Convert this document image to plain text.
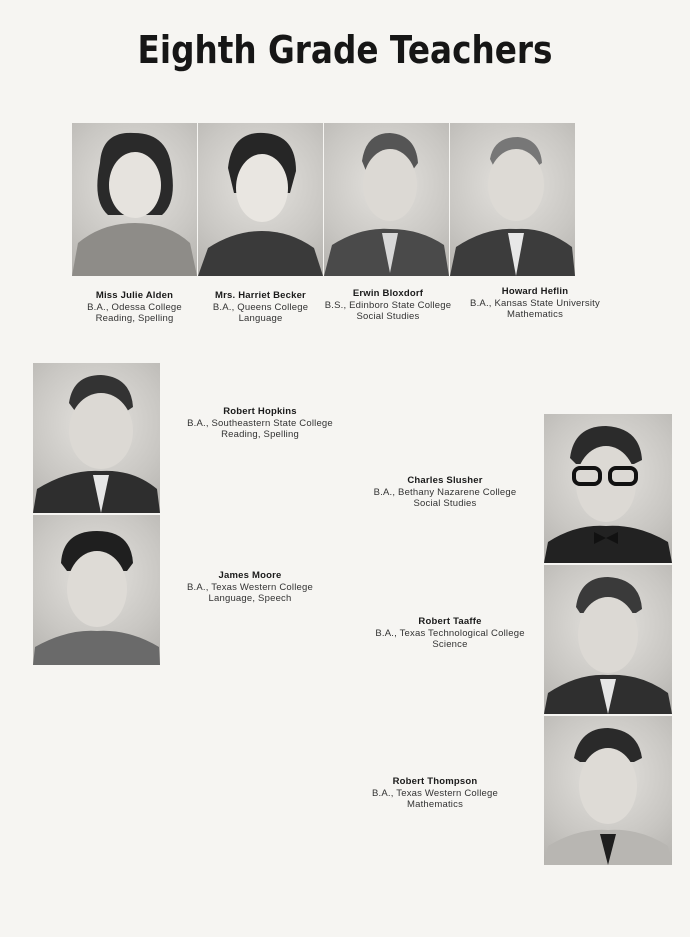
Eighth Grade Teachers
Miss Julie Alden
B.A., Odessa College
Reading, Spelling
Mrs. Harriet Becker
B.A., Queens College
Language
Erwin Bloxdorf
B.S., Edinboro State College
Social Studies
Howard Heflin
B.A., Kansas State University
Mathematics
Robert Hopkins
B.A., Southeastern State College
Reading, Spelling
James Moore
B.A., Texas Western College
Language, Speech
Charles Slusher
B.A., Bethany Nazarene College
Social Studies
Robert Taaffe
B.A., Texas Technological College
Science
Robert Thompson
B.A., Texas Western College
Mathematics
